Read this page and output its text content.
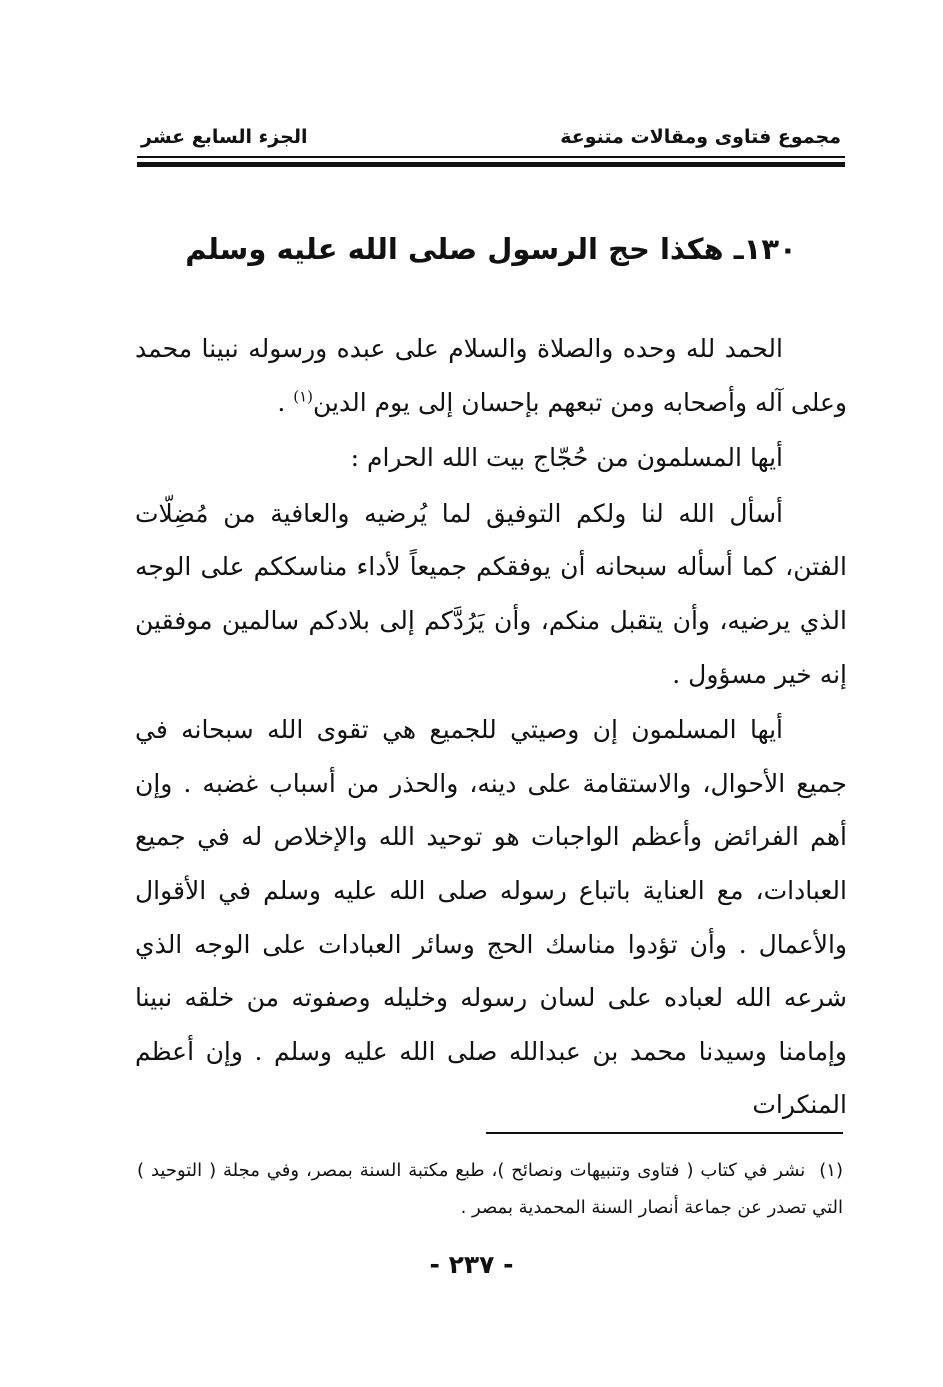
مجموع فتاوى ومقالات متنوعة
الجزء السابع عشر
١٣٠ـ هكذا حج الرسول صلى الله عليه وسلم

الحمد لله وحده والصلاة والسلام على عبده ورسوله نبينا محمد وعلى آله وأصحابه ومن تبعهم بإحسان إلى يوم الدين$^{(١)}$ .

أيها المسلمون من حُجّاج بيت الله الحرام :

أسأل الله لنا ولكم التوفيق لما يُرضيه والعافية من مُضِلّات الفتن، كما أسأله سبحانه أن يوفقكم جميعاً لأداء مناسككم على الوجه الذي يرضيه، وأن يتقبل منكم، وأن يَرُدَّكم إلى بلادكم سالمين موفقين إنه خير مسؤول .

أيها المسلمون إن وصيتي للجميع هي تقوى الله سبحانه في جميع الأحوال، والاستقامة على دينه، والحذر من أسباب غضبه . وإن أهم الفرائض وأعظم الواجبات هو توحيد الله والإخلاص له في جميع العبادات، مع العناية باتباع رسوله صلى الله عليه وسلم في الأقوال والأعمال . وأن تؤدوا مناسك الحج وسائر العبادات على الوجه الذي شرعه الله لعباده على لسان رسوله وخليله وصفوته من خلقه نبينا وإمامنا وسيدنا محمد بن عبدالله صلى الله عليه وسلم . وإن أعظم المنكرات

(١)نشر في كتاب ( فتاوى وتنبيهات ونصائح )، طبع مكتبة السنة بمصر، وفي مجلة ( التوحيد ) التي تصدر عن جماعة أنصار السنة المحمدية بمصر .
- ٢٣٧ -
